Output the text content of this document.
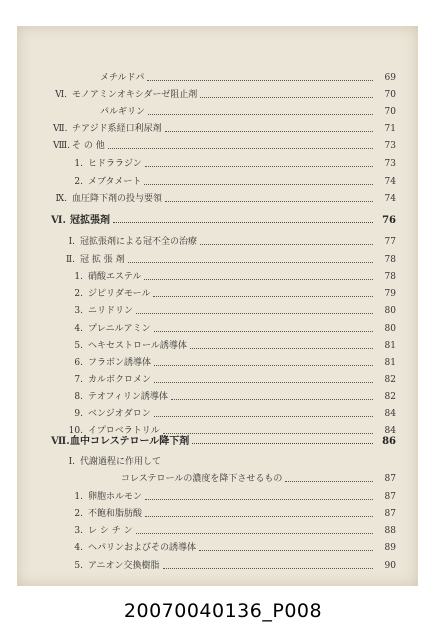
メチルドパ	69
Ⅵ. モノアミンオキシダーゼ阻止剤	70
パルギリン	70
Ⅶ. チアジド系経口利尿剤	71
Ⅷ. そ の 他	73
1. ヒドララジン	73
2. メブタメート	74
Ⅸ. 血圧降下剤の投与要領	74
Ⅵ. 冠拡張剤	76
Ⅰ. 冠拡張剤による冠不全の治療	77
Ⅱ. 冠 拡 張 剤	78
1. 硝酸エステル	78
2. ジピリダモール	79
3. ニリドリン	80
4. プレニルアミン	80
5. ヘキセストロール誘導体	81
6. フラボン誘導体	81
7. カルボクロメン	82
8. テオフィリン誘導体	82
9. ベンジオダロン	84
10. イプロベラトリル	84
Ⅶ. 血中コレステロール降下剤	86
Ⅰ. 代謝過程に作用して
コレステロールの濃度を降下させるもの	87
1. 卵胞ホルモン	87
2. 不飽和脂肪酸	87
3. レ シ チ ン	88
4. ヘパリンおよびその誘導体	89
5. アニオン交換樹脂	90
20070040136_P008
